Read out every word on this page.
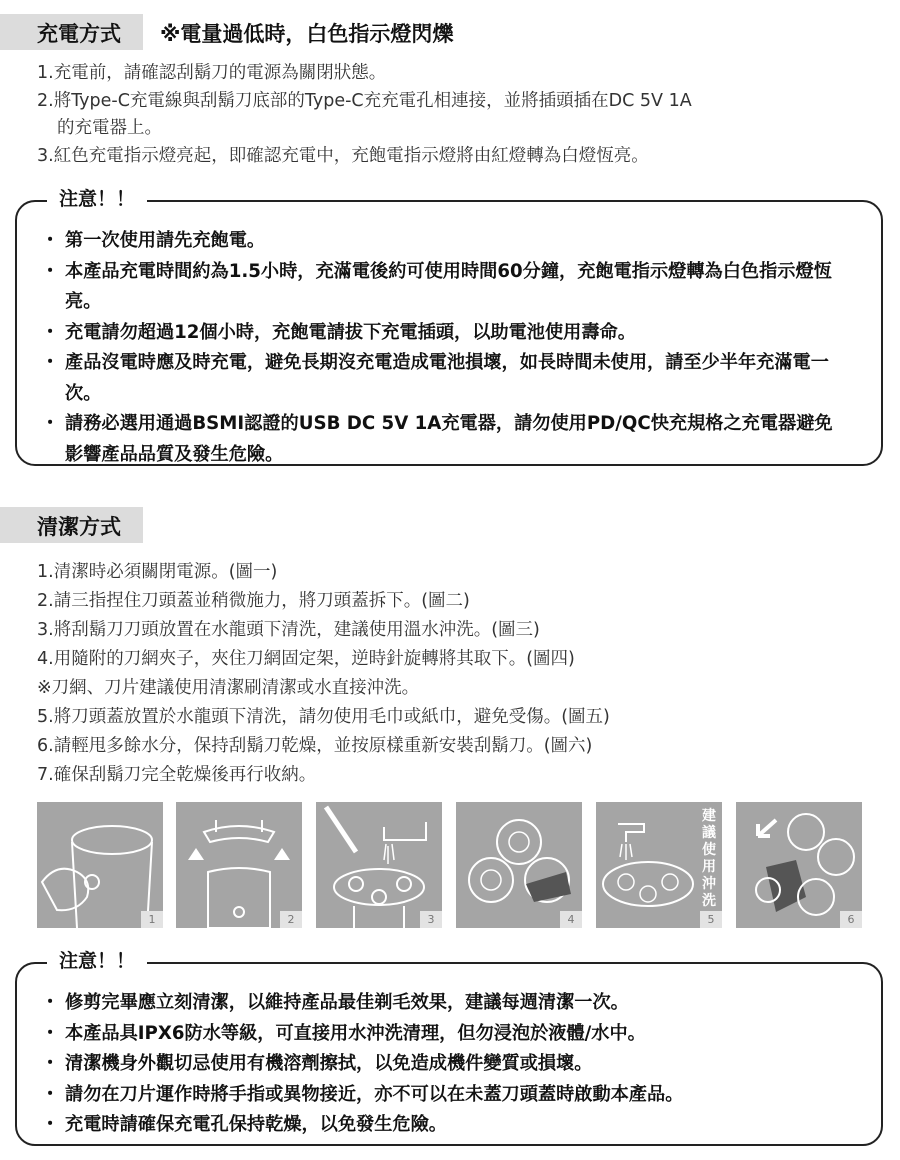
充電方式 ※電量過低時，白色指示燈閃爍
1.充電前，請確認刮鬍刀的電源為關閉狀態。
2.將Type-C充電線與刮鬍刀底部的Type-C充充電孔相連接，並將插頭插在DC 5V 1A
的充電器上。
3.紅色充電指示燈亮起，即確認充電中，充飽電指示燈將由紅燈轉為白燈恆亮。
注意！！
・ 第一次使用請先充飽電。
・ 本產品充電時間約為1.5小時，充滿電後約可使用時間60分鐘，充飽電指示燈轉為白色指示燈恆亮。
・ 充電請勿超過12個小時，充飽電請拔下充電插頭，以助電池使用壽命。
・ 產品沒電時應及時充電，避免長期沒充電造成電池損壞，如長時間未使用，請至少半年充滿電一次。
・ 請務必選用通過BSMI認證的USB DC 5V 1A充電器，請勿使用PD/QC快充規格之充電器避免影響產品品質及發生危險。
清潔方式
1.清潔時必須關閉電源。(圖一)
2.請三指捏住刀頭蓋並稍微施力，將刀頭蓋拆下。(圖二)
3.將刮鬍刀刀頭放置在水龍頭下清洗，建議使用溫水沖洗。(圖三)
4.用隨附的刀網夾子，夾住刀網固定架，逆時針旋轉將其取下。(圖四)
※刀網、刀片建議使用清潔刷清潔或水直接沖洗。
5.將刀頭蓋放置於水龍頭下清洗，請勿使用毛巾或紙巾，避免受傷。(圖五)
6.請輕甩多餘水分，保持刮鬍刀乾燥，並按原樣重新安裝刮鬍刀。(圖六)
7.確保刮鬍刀完全乾燥後再行收納。
1	2	3	4
建議使用沖洗
5	6
注意！！
・ 修剪完畢應立刻清潔，以維持產品最佳剃毛效果，建議每週清潔一次。
・ 本產品具IPX6防水等級，可直接用水沖洗清理，但勿浸泡於液體/水中。
・ 清潔機身外觀切忌使用有機溶劑擦拭，以免造成機件變質或損壞。
・ 請勿在刀片運作時將手指或異物接近，亦不可以在未蓋刀頭蓋時啟動本產品。
・ 充電時請確保充電孔保持乾燥，以免發生危險。
